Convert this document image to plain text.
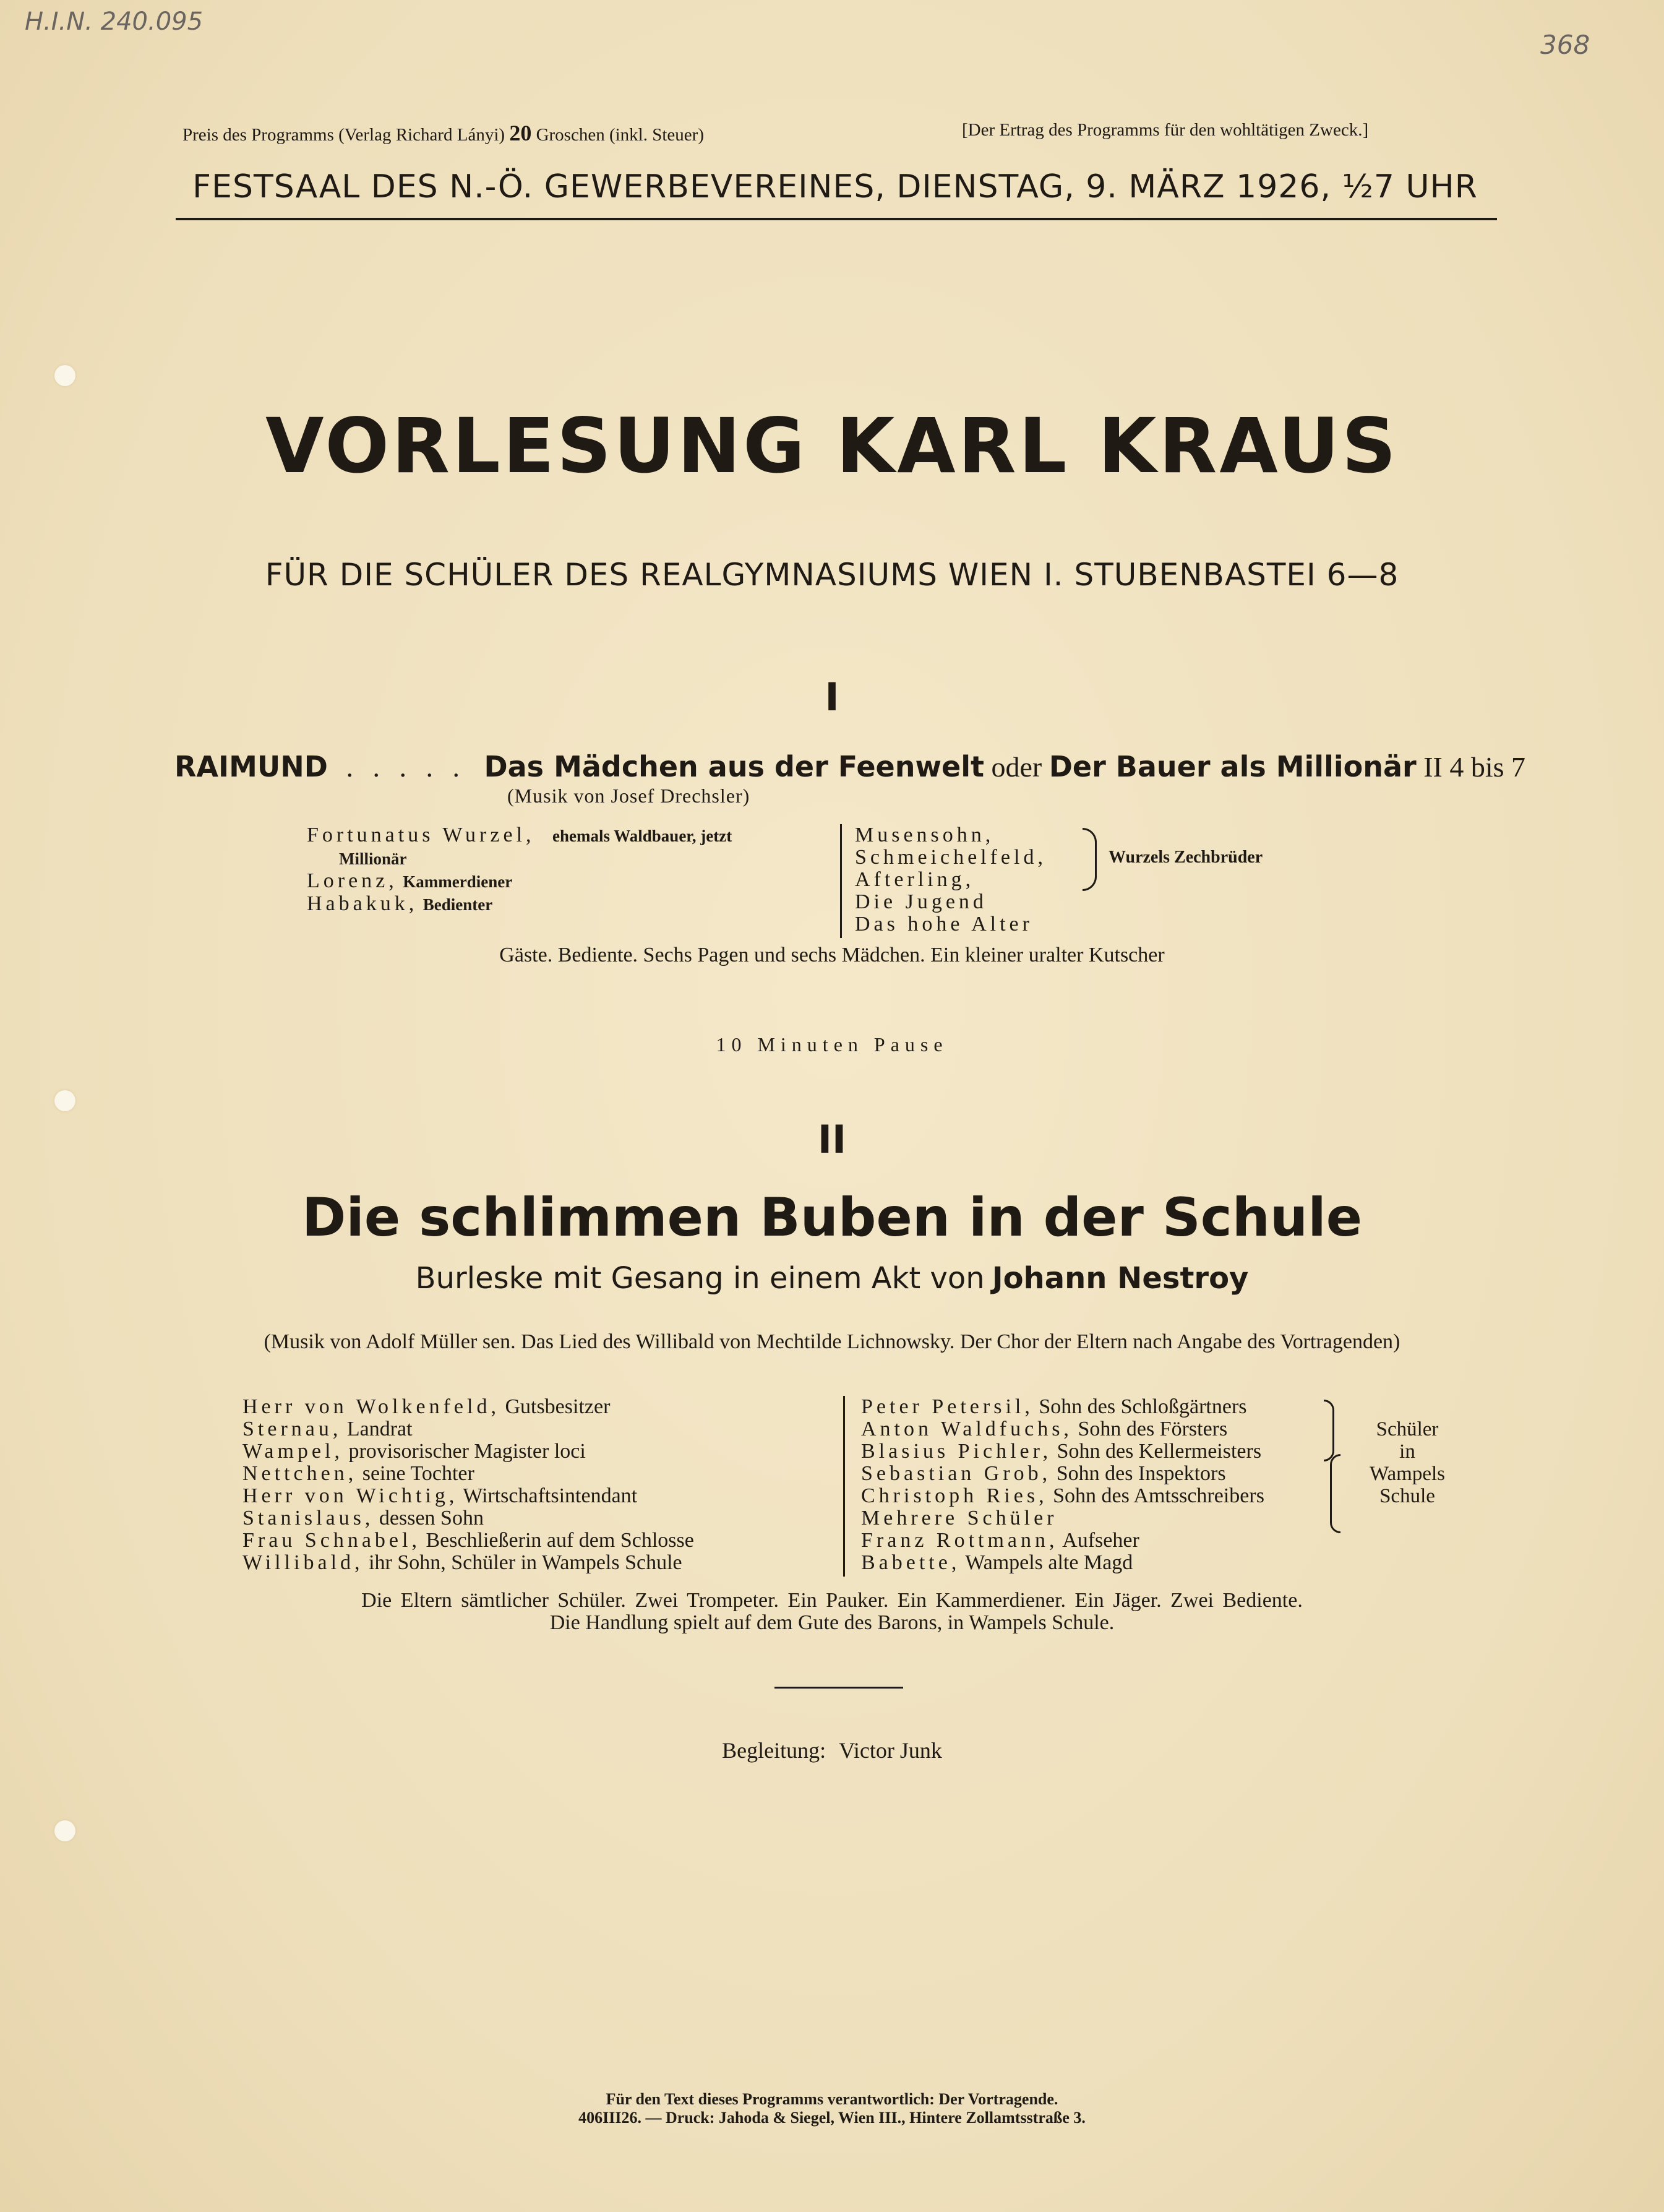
H.I.N. 240.095
368
Preis des Programms (Verlag Richard Lányi) 20 Groschen (inkl. Steuer)	[Der Ertrag des Programms für den wohltätigen Zweck.]
FESTSAAL DES N.-Ö. GEWERBEVEREINES, DIENSTAG, 9. MÄRZ 1926, ½7 UHR
VORLESUNG KARL KRAUS
FÜR DIE SCHÜLER DES REALGYMNASIUMS WIEN I. STUBENBASTEI 6—8
I
RAIMUND . . . . . Das Mädchen aus der Feenwelt oder Der Bauer als Millionär II 4 bis 7
(Musik von Josef Drechsler)
Fortunatus Wurzel, ehemals Waldbauer, jetzt
Millionär
Lorenz, Kammerdiener
Habakuk, Bedienter
Musensohn,
Schmeichelfeld,
Afterling,
Die Jugend
Das hohe Alter
Wurzels Zechbrüder
Gäste. Bediente. Sechs Pagen und sechs Mädchen. Ein kleiner uralter Kutscher
10 Minuten Pause
II
Die schlimmen Buben in der Schule
Burleske mit Gesang in einem Akt von Johann Nestroy
(Musik von Adolf Müller sen. Das Lied des Willibald von Mechtilde Lichnowsky. Der Chor der Eltern nach Angabe des Vortragenden)
Herr von Wolkenfeld, Gutsbesitzer
Sternau, Landrat
Wampel, provisorischer Magister loci
Nettchen, seine Tochter
Herr von Wichtig, Wirtschaftsintendant
Stanislaus, dessen Sohn
Frau Schnabel, Beschließerin auf dem Schlosse
Willibald, ihr Sohn, Schüler in Wampels Schule
Peter Petersil, Sohn des Schloßgärtners
Anton Waldfuchs, Sohn des Försters
Blasius Pichler, Sohn des Kellermeisters
Sebastian Grob, Sohn des Inspektors
Christoph Ries, Sohn des Amtsschreibers
Mehrere Schüler
Franz Rottmann, Aufseher
Babette, Wampels alte Magd
Schüler
in
Wampels
Schule
Die Eltern sämtlicher Schüler. Zwei Trompeter. Ein Pauker. Ein Kammerdiener. Ein Jäger. Zwei Bediente.
Die Handlung spielt auf dem Gute des Barons, in Wampels Schule.
Begleitung: Victor Junk
Für den Text dieses Programms verantwortlich: Der Vortragende.
406III26. — Druck: Jahoda & Siegel, Wien III., Hintere Zollamtsstraße 3.
